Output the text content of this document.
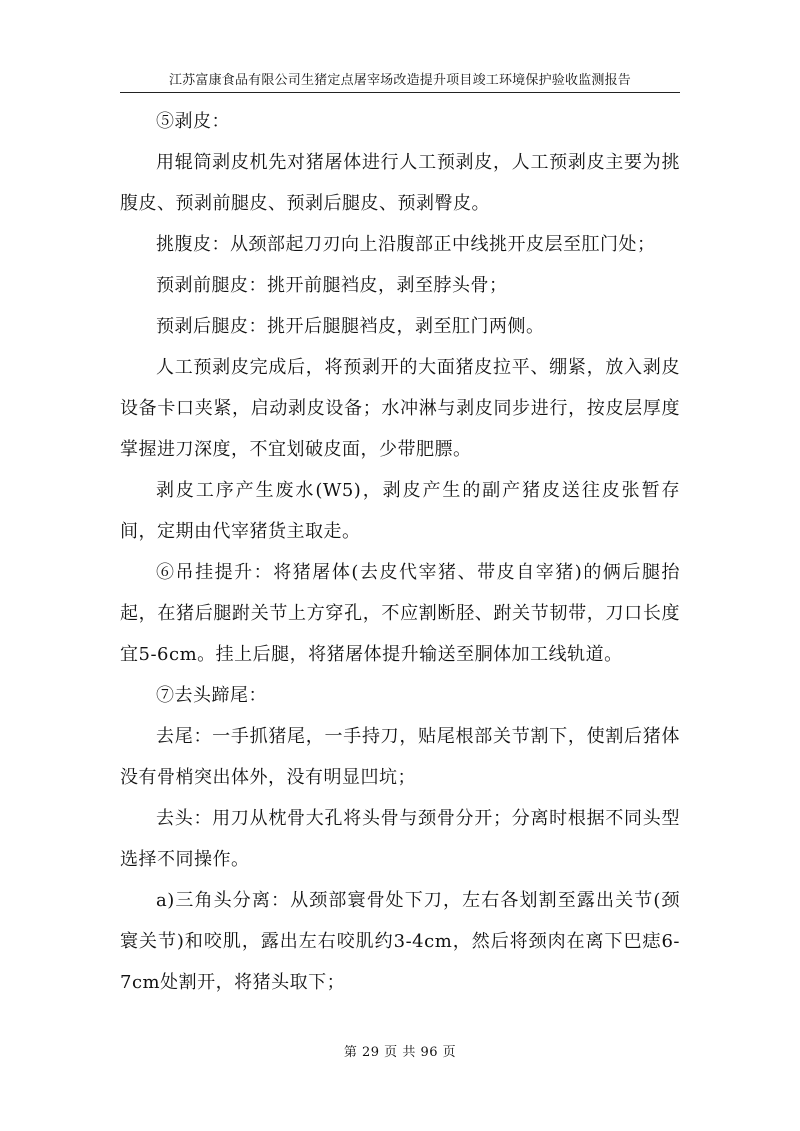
江苏富康食品有限公司生猪定点屠宰场改造提升项目竣工环境保护验收监测报告

⑤剥皮：

用辊筒剥皮机先对猪屠体进行人工预剥皮，人工预剥皮主要为挑腹皮、预剥前腿皮、预剥后腿皮、预剥臀皮。

挑腹皮：从颈部起刀刃向上沿腹部正中线挑开皮层至肛门处；

预剥前腿皮：挑开前腿裆皮，剥至脖头骨；

预剥后腿皮：挑开后腿腿裆皮，剥至肛门两侧。

人工预剥皮完成后，将预剥开的大面猪皮拉平、绷紧，放入剥皮设备卡口夹紧，启动剥皮设备；水冲淋与剥皮同步进行，按皮层厚度掌握进刀深度，不宜划破皮面，少带肥膘。

剥皮工序产生废水(W5)，剥皮产生的副产猪皮送往皮张暂存间，定期由代宰猪货主取走。

⑥吊挂提升：将猪屠体(去皮代宰猪、带皮自宰猪)的俩后腿抬起，在猪后腿跗关节上方穿孔，不应割断胫、跗关节韧带，刀口长度宜5-6cm。挂上后腿，将猪屠体提升输送至胴体加工线轨道。

⑦去头蹄尾：

去尾：一手抓猪尾，一手持刀，贴尾根部关节割下，使割后猪体没有骨梢突出体外，没有明显凹坑；

去头：用刀从枕骨大孔将头骨与颈骨分开；分离时根据不同头型选择不同操作。

a)三角头分离：从颈部寰骨处下刀，左右各划割至露出关节(颈寰关节)和咬肌，露出左右咬肌约3-4cm，然后将颈肉在离下巴痣6-7cm处割开，将猪头取下；

第 29 页 共 96 页
